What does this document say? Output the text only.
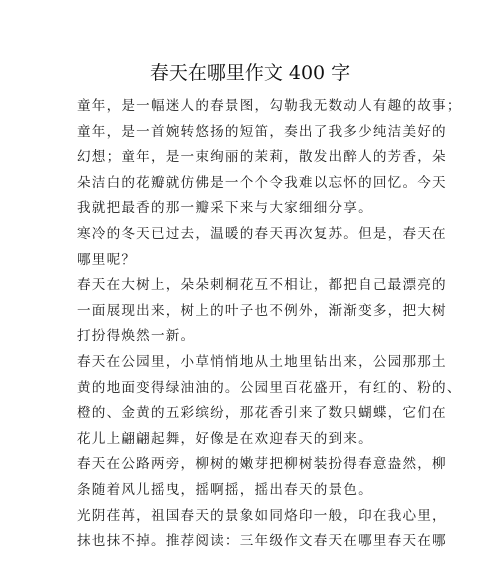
春天在哪里作文 400 字
童年，是一幅迷人的春景图，勾勒我无数动人有趣的故事；
童年，是一首婉转悠扬的短笛，奏出了我多少纯洁美好的
幻想；童年，是一束绚丽的茉莉，散发出醉人的芳香，朵
朵洁白的花瓣就仿佛是一个个令我难以忘怀的回忆。今天
我就把最香的那一瓣采下来与大家细细分享。
寒冷的冬天已过去，温暖的春天再次复苏。但是，春天在
哪里呢？
春天在大树上，朵朵刺桐花互不相让，都把自己最漂亮的
一面展现出来，树上的叶子也不例外，渐渐变多，把大树
打扮得焕然一新。
春天在公园里，小草悄悄地从土地里钻出来，公园那那土
黄的地面变得绿油油的。公园里百花盛开，有红的、粉的、
橙的、金黄的五彩缤纷，那花香引来了数只蝴蝶，它们在
花儿上翩翩起舞，好像是在欢迎春天的到来。
春天在公路两旁，柳树的嫩芽把柳树装扮得春意盎然，柳
条随着风儿摇曳，摇啊摇，摇出春天的景色。
光阴荏苒，祖国春天的景象如同烙印一般，印在我心里，
抹也抹不掉。推荐阅读：三年级作文春天在哪里春天在哪
